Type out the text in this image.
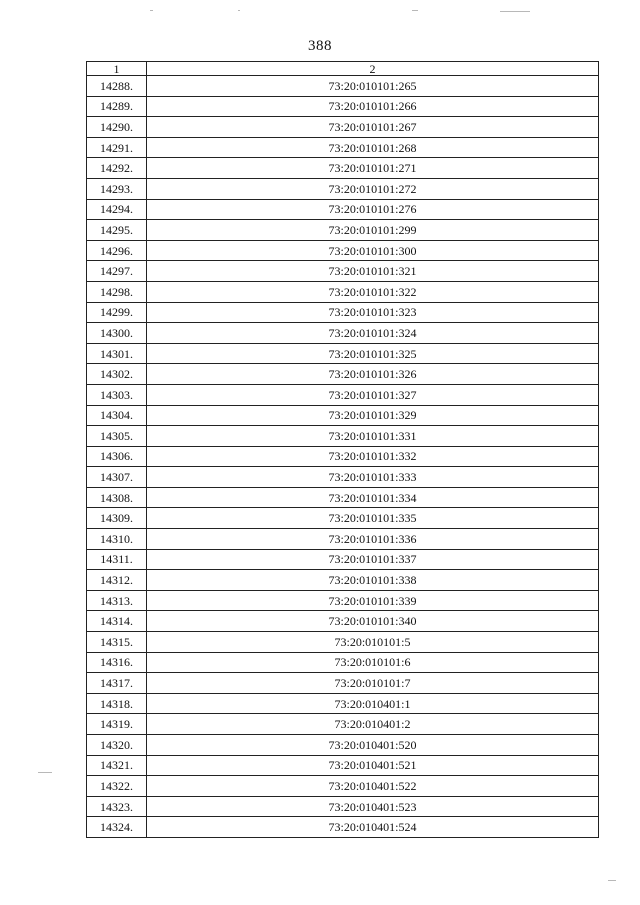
388
1	2
14288.	73:20:010101:265
14289.	73:20:010101:266
14290.	73:20:010101:267
14291.	73:20:010101:268
14292.	73:20:010101:271
14293.	73:20:010101:272
14294.	73:20:010101:276
14295.	73:20:010101:299
14296.	73:20:010101:300
14297.	73:20:010101:321
14298.	73:20:010101:322
14299.	73:20:010101:323
14300.	73:20:010101:324
14301.	73:20:010101:325
14302.	73:20:010101:326
14303.	73:20:010101:327
14304.	73:20:010101:329
14305.	73:20:010101:331
14306.	73:20:010101:332
14307.	73:20:010101:333
14308.	73:20:010101:334
14309.	73:20:010101:335
14310.	73:20:010101:336
14311.	73:20:010101:337
14312.	73:20:010101:338
14313.	73:20:010101:339
14314.	73:20:010101:340
14315.	73:20:010101:5
14316.	73:20:010101:6
14317.	73:20:010101:7
14318.	73:20:010401:1
14319.	73:20:010401:2
14320.	73:20:010401:520
14321.	73:20:010401:521
14322.	73:20:010401:522
14323.	73:20:010401:523
14324.	73:20:010401:524
